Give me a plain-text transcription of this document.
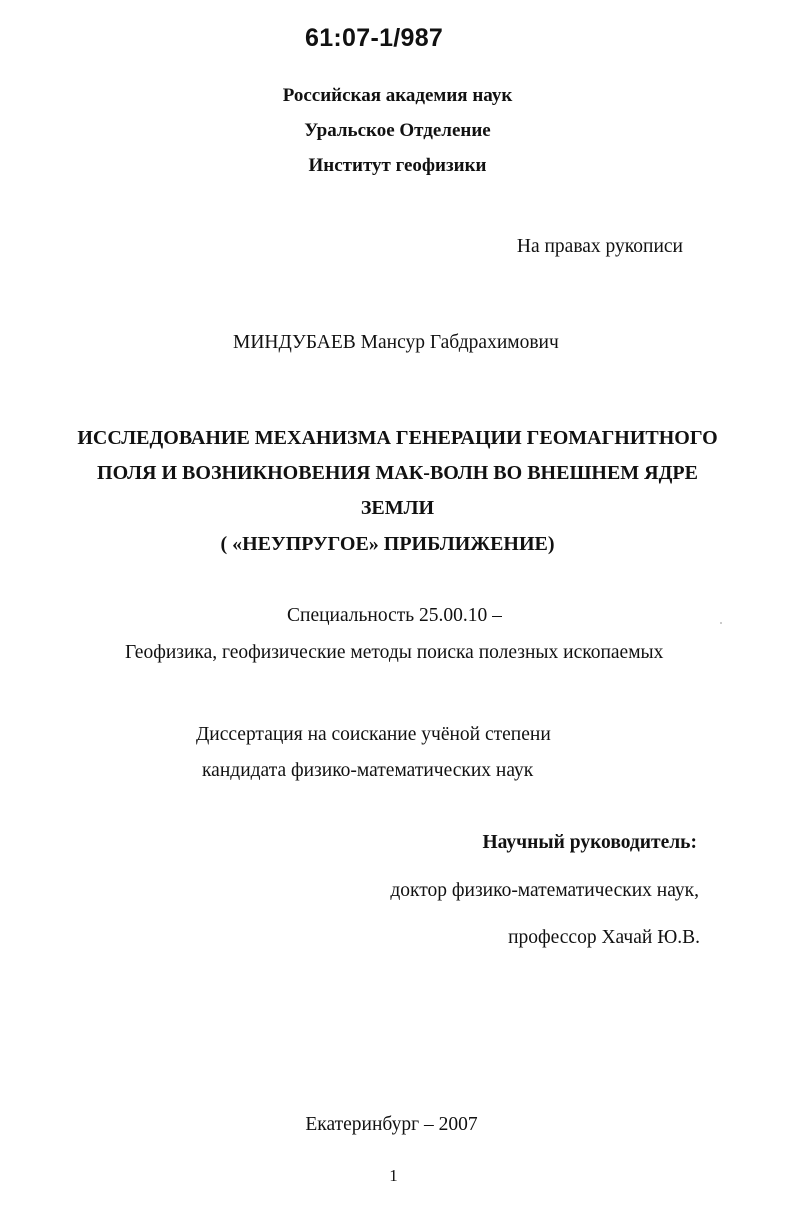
61:07-1/987
Российская академия наук
Уральское Отделение
Институт геофизики
На правах рукописи
МИНДУБАЕВ Мансур Габдрахимович
ИССЛЕДОВАНИЕ МЕХАНИЗМА ГЕНЕРАЦИИ ГЕОМАГНИТНОГО
ПОЛЯ И ВОЗНИКНОВЕНИЯ МАК-ВОЛН ВО ВНЕШНЕМ ЯДРЕ
ЗЕМЛИ
( «НЕУПРУГОЕ» ПРИБЛИЖЕНИЕ)
Специальность 25.00.10 –
Геофизика, геофизические методы поиска полезных ископаемых
Диссертация на соискание учёной степени
кандидата физико-математических наук
Научный руководитель:
доктор физико-математических наук,
профессор Хачай Ю.В.
Екатеринбург – 2007
1
